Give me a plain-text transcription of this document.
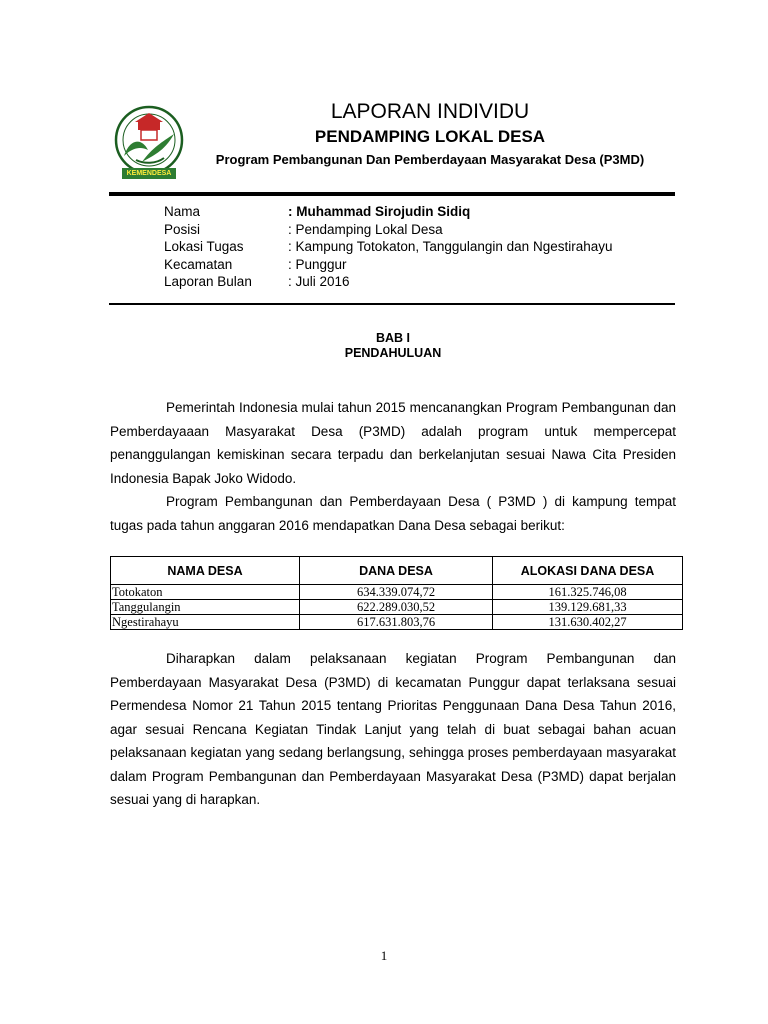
KEMENDESA
LAPORAN INDIVIDU
PENDAMPING LOKAL DESA
Program Pembangunan Dan Pemberdayaan Masyarakat Desa (P3MD)
Nama	: Muhammad Sirojudin Sidiq
Posisi	: Pendamping Lokal Desa
Lokasi Tugas	: Kampung Totokaton, Tanggulangin dan Ngestirahayu
Kecamatan	: Punggur
Laporan Bulan	: Juli 2016
BAB I
PENDAHULUAN

Pemerintah Indonesia mulai tahun 2015 mencanangkan Program Pembangunan dan Pemberdayaaan Masyarakat Desa (P3MD) adalah program untuk mempercepat penanggulangan kemiskinan secara terpadu dan berkelanjutan sesuai Nawa Cita Presiden Indonesia Bapak Joko Widodo.

Program Pembangunan dan Pemberdayaan Desa ( P3MD ) di kampung tempat tugas pada tahun anggaran 2016 mendapatkan Dana Desa sebagai berikut:

NAMA DESA	DANA DESA	ALOKASI DANA DESA
Totokaton	634.339.074,72	161.325.746,08
Tanggulangin	622.289.030,52	139.129.681,33
Ngestirahayu	617.631.803,76	131.630.402,27

Diharapkan dalam pelaksanaan kegiatan Program Pembangunan dan Pemberdayaan Masyarakat Desa (P3MD) di kecamatan Punggur dapat terlaksana sesuai Permendesa Nomor 21 Tahun 2015 tentang Prioritas Penggunaan Dana Desa Tahun 2016, agar sesuai Rencana Kegiatan Tindak Lanjut yang telah di buat sebagai bahan acuan pelaksanaan kegiatan yang sedang berlangsung, sehingga proses pemberdayaan masyarakat dalam Program Pembangunan dan Pemberdayaan Masyarakat Desa (P3MD) dapat berjalan sesuai yang di harapkan.

1
